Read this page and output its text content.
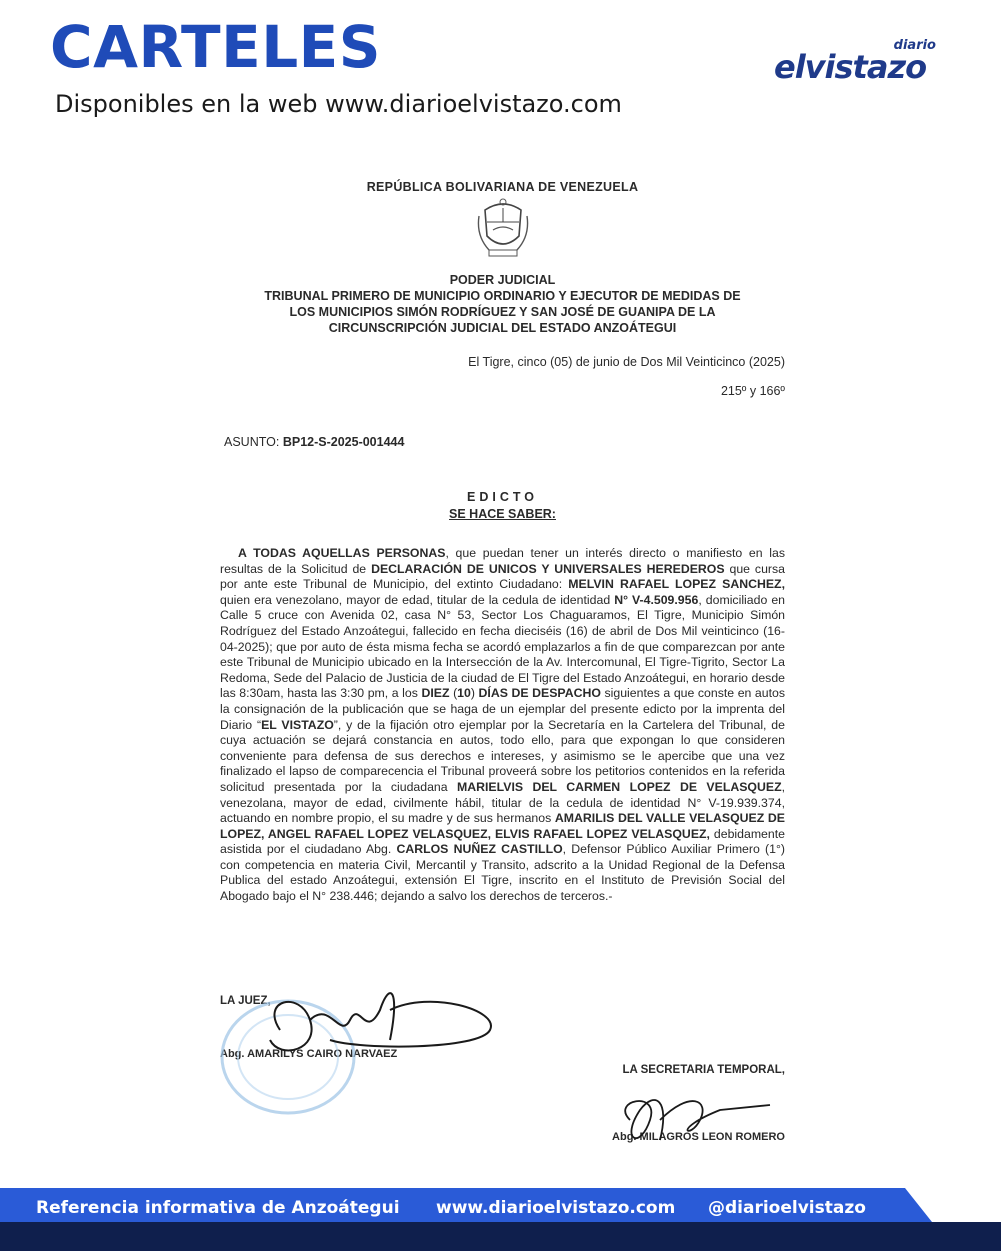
CARTELES
Disponibles en la web www.diarioelvistazo.com
diario
elvistazo
REPÚBLICA BOLIVARIANA DE VENEZUELA
PODER JUDICIAL
TRIBUNAL PRIMERO DE MUNICIPIO ORDINARIO Y EJECUTOR DE MEDIDAS DE
LOS MUNICIPIOS SIMÓN RODRÍGUEZ Y SAN JOSÉ DE GUANIPA DE LA
CIRCUNSCRIPCIÓN JUDICIAL DEL ESTADO ANZOÁTEGUI
El Tigre, cinco (05) de junio de Dos Mil Veinticinco (2025)
215º y 166º
ASUNTO: BP12-S-2025-001444
EDICTO
SE HACE SABER:

A TODAS AQUELLAS PERSONAS, que puedan tener un interés directo o manifiesto en las resultas de la Solicitud de DECLARACIÓN DE UNICOS Y UNIVERSALES HEREDEROS que cursa por ante este Tribunal de Municipio, del extinto Ciudadano: MELVIN RAFAEL LOPEZ SANCHEZ, quien era venezolano, mayor de edad, titular de la cedula de identidad N° V-4.509.956, domiciliado en Calle 5 cruce con Avenida 02, casa N° 53, Sector Los Chaguaramos, El Tigre, Municipio Simón Rodríguez del Estado Anzoátegui, fallecido en fecha dieciséis (16) de abril de Dos Mil veinticinco (16-04-2025); que por auto de ésta misma fecha se acordó emplazarlos a fin de que comparezcan por ante este Tribunal de Municipio ubicado en la Intersección de la Av. Intercomunal, El Tigre-Tigrito, Sector La Redoma, Sede del Palacio de Justicia de la ciudad de El Tigre del Estado Anzoátegui, en horario desde las 8:30am, hasta las 3:30 pm, a los DIEZ (10) DÍAS DE DESPACHO siguientes a que conste en autos la consignación de la publicación que se haga de un ejemplar del presente edicto por la imprenta del Diario “EL VISTAZO”, y de la fijación otro ejemplar por la Secretaría en la Cartelera del Tribunal, de cuya actuación se dejará constancia en autos, todo ello, para que expongan lo que consideren conveniente para defensa de sus derechos e intereses, y asimismo se le apercibe que una vez finalizado el lapso de comparecencia el Tribunal proveerá sobre los petitorios contenidos en la referida solicitud presentada por la ciudadana MARIELVIS DEL CARMEN LOPEZ DE VELASQUEZ, venezolana, mayor de edad, civilmente hábil, titular de la cedula de identidad N° V-19.939.374, actuando en nombre propio, el su madre y de sus hermanos AMARILIS DEL VALLE VELASQUEZ DE LOPEZ, ANGEL RAFAEL LOPEZ VELASQUEZ, ELVIS RAFAEL LOPEZ VELASQUEZ, debidamente asistida por el ciudadano Abg. CARLOS NUÑEZ CASTILLO, Defensor Público Auxiliar Primero (1°) con competencia en materia Civil, Mercantil y Transito, adscrito a la Unidad Regional de la Defensa Publica del estado Anzoátegui, extensión El Tigre, inscrito en el Instituto de Previsión Social del Abogado bajo el N° 238.446; dejando a salvo los derechos de terceros.-

LA JUEZ,
Abg. AMARILYS CAIRO NARVAEZ
LA SECRETARIA TEMPORAL,
Abg. MILAGROS LEON ROMERO
Referencia informativa de Anzoátegui www.diarioelvistazo.com @diarioelvistazo
